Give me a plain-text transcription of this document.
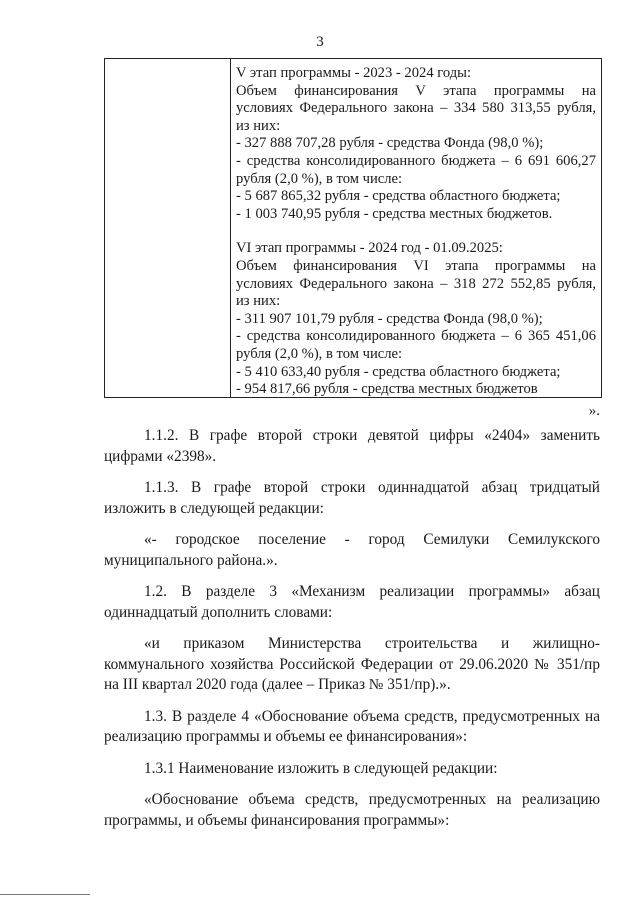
3

V этап программы - 2023 - 2024 годы:

Объем финансирования V этапа программы на

условиях Федерального закона – 334 580 313,55 рубля,

из них:

- 327 888 707,28 рубля - средства Фонда (98,0 %);

- средства консолидированного бюджета – 6 691 606,27

рубля (2,0 %), в том числе:

- 5 687 865,32 рубля - средства областного бюджета;

- 1 003 740,95 рубля - средства местных бюджетов.

VI этап программы - 2024 год - 01.09.2025:

Объем финансирования VI этапа программы на

условиях Федерального закона – 318 272 552,85 рубля,

из них:

- 311 907 101,79 рубля - средства Фонда (98,0 %);

- средства консолидированного бюджета – 6 365 451,06

рубля (2,0 %), в том числе:

- 5 410 633,40 рубля - средства областного бюджета;

- 954 817,66 рубля - средства местных бюджетов

».

1.1.2. В графе второй строки девятой цифры «2404» заменить цифрами «2398».

1.1.3. В графе второй строки одиннадцатой абзац тридцатый изложить в следующей редакции:

«- городское поселение - город Семилуки Семилукского муниципального района.».

1.2. В разделе 3 «Механизм реализации программы» абзац одиннадцатый дополнить словами:

«и приказом Министерства строительства и жилищно-коммунального хозяйства Российской Федерации от 29.06.2020 № 351/пр на III квартал 2020 года (далее – Приказ № 351/пр).».

1.3. В разделе 4 «Обоснование объема средств, предусмотренных на реализацию программы и объемы ее финансирования»:

1.3.1 Наименование изложить в следующей редакции:

«Обоснование объема средств, предусмотренных на реализацию программы, и объемы финансирования программы»:
